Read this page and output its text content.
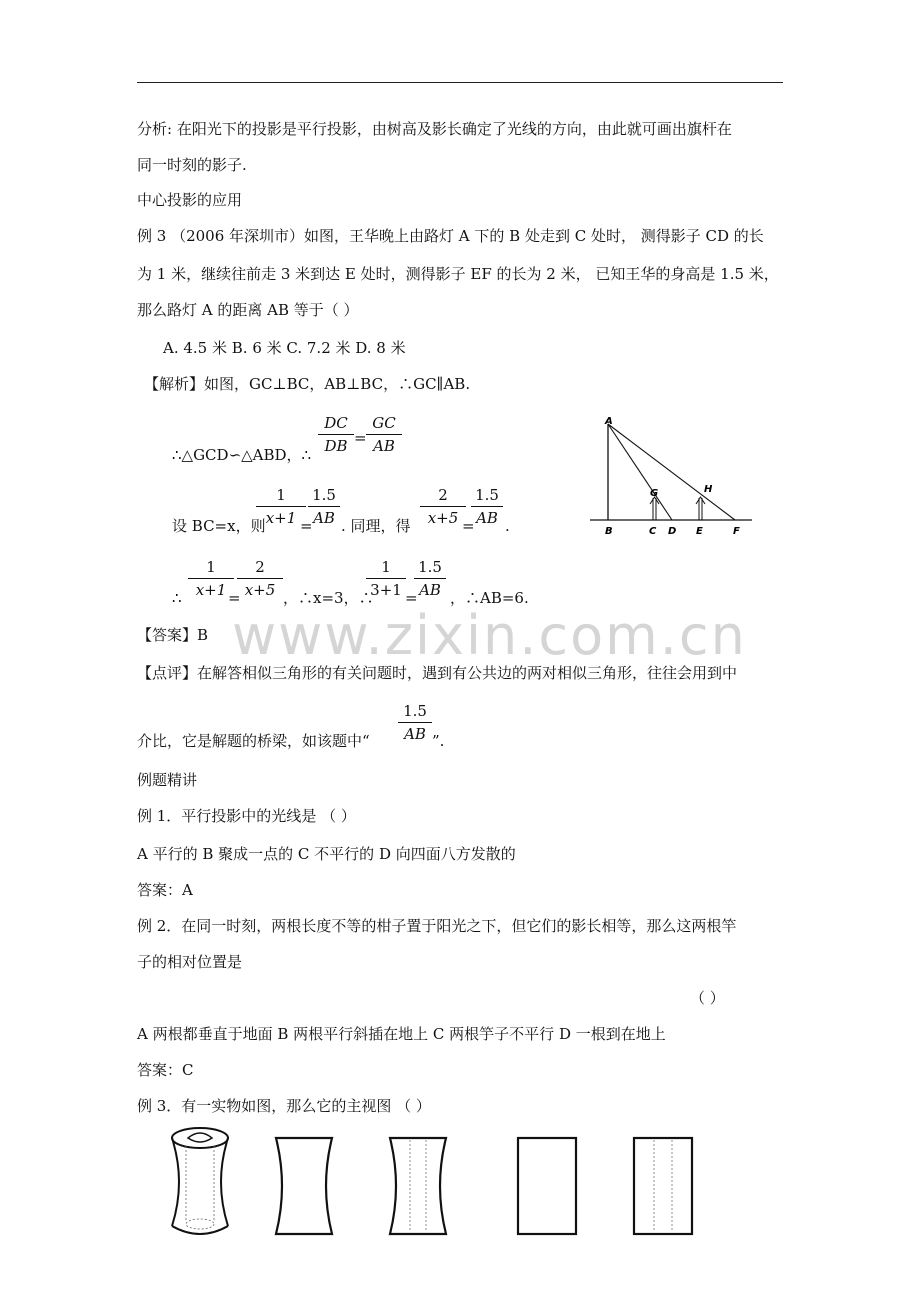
分析: 在阳光下的投影是平行投影，由树高及影长确定了光线的方向，由此就可画出旗杆在
同一时刻的影子.
中心投影的应用
例 3 （2006 年深圳市）如图，王华晚上由路灯 A 下的 B 处走到 C 处时， 测得影子 CD 的长
为 1 米，继续往前走 3 米到达 E 处时，测得影子 EF 的长为 2 米， 已知王华的身高是 1.5 米，
那么路灯 A 的距离 AB 等于（ ）
A. 4.5 米 B. 6 米 C. 7.2 米 D. 8 米
【解析】如图，GC⊥BC，AB⊥BC，∴GC∥AB.
∴△GCD∽△ABD，∴ $\frac{DC}{DB} = \frac{GC}{AB}$
设 BC=x，则
$\frac{1}{x+1}$
=
$\frac{1.5}{AB}$ . 同理，得 $\frac{2}{x+5}$
=
$\frac{1.5}{AB}$ .
∴ $\frac{1}{x+1}$
=
$\frac{2}{x+5}$ ，∴x=3，∴
$\frac{1}{3+1}$ =
$\frac{1.5}{AB}$ ，∴AB=6.
www.zixin.com.cn
【答案】B
【点评】在解答相似三角形的有关问题时，遇到有公共边的两对相似三角形，往往会用到中
介比，它是解题的桥梁，如该题中“ $\frac{1.5}{AB}$ ”.
例题精讲
例 1．平行投影中的光线是 （ ）
A 平行的 B 聚成一点的 C 不平行的 D 向四面八方发散的
答案：A
例 2．在同一时刻，两根长度不等的柑子置于阳光之下，但它们的影长相等，那么这两根竿
子的相对位置是
（ ）
A 两根都垂直于地面 B 两根平行斜插在地上 C 两根竽子不平行 D 一根到在地上
答案：C
例 3．有一实物如图，那么它的主视图 （ ）
A
B	C D E	F
G	H
